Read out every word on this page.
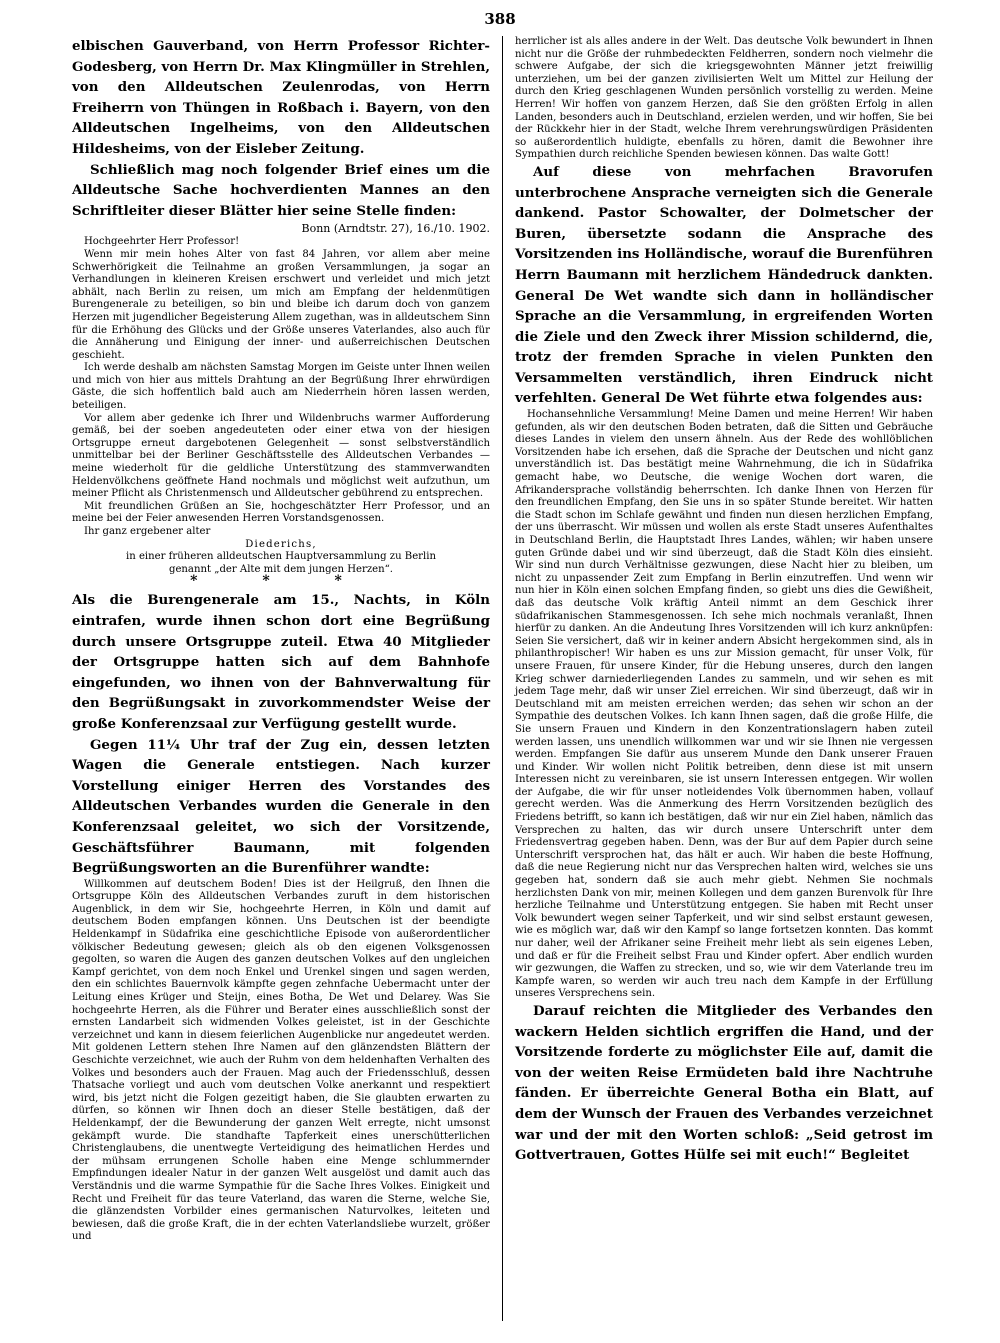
388

elbischen Gauverband, von Herrn Professor Richter-Godesberg, von Herrn Dr. Max Klingmüller in Strehlen, von den Alldeutschen Zeulenrodas, von Herrn Freiherrn von Thüngen in Roßbach i. Bayern, von den Alldeutschen Ingelheims, von den Alldeutschen Hildesheims, von der Eisleber Zeitung.

Schließlich mag noch folgender Brief eines um die Alldeutsche Sache hochverdienten Mannes an den Schriftleiter dieser Blätter hier seine Stelle finden:

Bonn (Arndtstr. 27), 16./10. 1902.

Hochgeehrter Herr Professor!

Wenn mir mein hohes Alter von fast 84 Jahren, vor allem aber meine Schwerhörigkeit die Teilnahme an großen Versammlungen, ja sogar an Verhandlungen in kleineren Kreisen erschwert und verleidet und mich jetzt abhält, nach Berlin zu reisen, um mich am Empfang der heldenmütigen Burengenerale zu beteiligen, so bin und bleibe ich darum doch von ganzem Herzen mit jugendlicher Begeisterung Allem zugethan, was in alldeutschem Sinn für die Erhöhung des Glücks und der Größe unseres Vaterlandes, also auch für die Annäherung und Einigung der inner- und außerreichischen Deutschen geschieht.

Ich werde deshalb am nächsten Samstag Morgen im Geiste unter Ihnen weilen und mich von hier aus mittels Drahtung an der Begrüßung Ihrer ehrwürdigen Gäste, die sich hoffentlich bald auch am Niederrhein hören lassen werden, beteiligen.

Vor allem aber gedenke ich Ihrer und Wildenbruchs warmer Aufforderung gemäß, bei der soeben angedeuteten oder einer etwa von der hiesigen Ortsgruppe erneut dargebotenen Gelegenheit — sonst selbstverständlich unmittelbar bei der Berliner Geschäftsstelle des Alldeutschen Verbandes — meine wiederholt für die geldliche Unterstützung des stammverwandten Heldenvölkchens geöffnete Hand nochmals und möglichst weit aufzuthun, um meiner Pflicht als Christenmensch und Alldeutscher gebührend zu entsprechen.

Mit freundlichen Grüßen an Sie, hochgeschätzter Herr Professor, und an meine bei der Feier anwesenden Herren Vorstandsgenossen.

Ihr ganz ergebener alter

Diederichs,

in einer früheren alldeutschen Hauptversammlung zu Berlin

genannt „der Alte mit dem jungen Herzen“.

* * *

Als die Burengenerale am 15., Nachts, in Köln eintrafen, wurde ihnen schon dort eine Begrüßung durch unsere Ortsgruppe zuteil. Etwa 40 Mitglieder der Ortsgruppe hatten sich auf dem Bahnhofe eingefunden, wo ihnen von der Bahnverwaltung für den Begrüßungsakt in zuvorkommendster Weise der große Konferenzsaal zur Verfügung gestellt wurde.

Gegen 11¼ Uhr traf der Zug ein, dessen letzten Wagen die Generale entstiegen. Nach kurzer Vorstellung einiger Herren des Vorstandes des Alldeutschen Verbandes wurden die Generale in den Konferenzsaal geleitet, wo sich der Vorsitzende, Geschäftsführer Baumann, mit folgenden Begrüßungsworten an die Burenführer wandte:

Willkommen auf deutschem Boden! Dies ist der Heilgruß, den Ihnen die Ortsgruppe Köln des Alldeutschen Verbandes zuruft in dem historischen Augenblick, in dem wir Sie, hochgeehrte Herren, in Köln und damit auf deutschem Boden empfangen können. Uns Deutschen ist der beendigte Heldenkampf in Südafrika eine geschichtliche Episode von außerordentlicher völkischer Bedeutung gewesen; gleich als ob den eigenen Volksgenossen gegolten, so waren die Augen des ganzen deutschen Volkes auf den ungleichen Kampf gerichtet, von dem noch Enkel und Urenkel singen und sagen werden, den ein schlichtes Bauernvolk kämpfte gegen zehnfache Uebermacht unter der Leitung eines Krüger und Steijn, eines Botha, De Wet und Delarey. Was Sie hochgeehrte Herren, als die Führer und Berater eines ausschließlich sonst der ernsten Landarbeit sich widmenden Volkes geleistet, ist in der Geschichte verzeichnet und kann in diesem feierlichen Augenblicke nur angedeutet werden. Mit goldenen Lettern stehen Ihre Namen auf den glänzendsten Blättern der Geschichte verzeichnet, wie auch der Ruhm von dem heldenhaften Verhalten des Volkes und besonders auch der Frauen. Mag auch der Friedensschluß, dessen Thatsache vorliegt und auch vom deutschen Volke anerkannt und respektiert wird, bis jetzt nicht die Folgen gezeitigt haben, die Sie glaubten erwarten zu dürfen, so können wir Ihnen doch an dieser Stelle bestätigen, daß der Heldenkampf, der die Bewunderung der ganzen Welt erregte, nicht umsonst gekämpft wurde. Die standhafte Tapferkeit eines unerschütterlichen Christenglaubens, die unentwegte Verteidigung des heimatlichen Herdes und der mühsam errungenen Scholle haben eine Menge schlummernder Empfindungen idealer Natur in der ganzen Welt ausgelöst und damit auch das Verständnis und die warme Sympathie für die Sache Ihres Volkes. Einigkeit und Recht und Freiheit für das teure Vaterland, das waren die Sterne, welche Sie, die glänzendsten Vorbilder eines germanischen Naturvolkes, leiteten und bewiesen, daß die große Kraft, die in der echten Vaterlandsliebe wurzelt, größer und

herrlicher ist als alles andere in der Welt. Das deutsche Volk bewundert in Ihnen nicht nur die Größe der ruhmbedeckten Feldherren, sondern noch vielmehr die schwere Aufgabe, der sich die kriegsgewohnten Männer jetzt freiwillig unterziehen, um bei der ganzen zivilisierten Welt um Mittel zur Heilung der durch den Krieg geschlagenen Wunden persönlich vorstellig zu werden. Meine Herren! Wir hoffen von ganzem Herzen, daß Sie den größten Erfolg in allen Landen, besonders auch in Deutschland, erzielen werden, und wir hoffen, Sie bei der Rückkehr hier in der Stadt, welche Ihrem verehrungswürdigen Präsidenten so außerordentlich huldigte, ebenfalls zu hören, damit die Bewohner ihre Sympathien durch reichliche Spenden bewiesen können. Das walte Gott!

Auf diese von mehrfachen Bravorufen unterbrochene Ansprache verneigten sich die Generale dankend. Pastor Schowalter, der Dolmetscher der Buren, übersetzte sodann die Ansprache des Vorsitzenden ins Holländische, worauf die Burenführen Herrn Baumann mit herzlichem Händedruck dankten. General De Wet wandte sich dann in holländischer Sprache an die Versammlung, in ergreifenden Worten die Ziele und den Zweck ihrer Mission schildernd, die, trotz der fremden Sprache in vielen Punkten den Versammelten verständlich, ihren Eindruck nicht verfehlten. General De Wet führte etwa folgendes aus:

Hochansehnliche Versammlung! Meine Damen und meine Herren! Wir haben gefunden, als wir den deutschen Boden betraten, daß die Sitten und Gebräuche dieses Landes in vielem den unsern ähneln. Aus der Rede des wohllöblichen Vorsitzenden habe ich ersehen, daß die Sprache der Deutschen und nicht ganz unverständlich ist. Das bestätigt meine Wahrnehmung, die ich in Südafrika gemacht habe, wo Deutsche, die wenige Wochen dort waren, die Afrikandersprache vollständig beherrschten. Ich danke Ihnen von Herzen für den freundlichen Empfang, den Sie uns in so später Stunde bereitet. Wir hatten die Stadt schon im Schlafe gewähnt und finden nun diesen herzlichen Empfang, der uns überrascht. Wir müssen und wollen als erste Stadt unseres Aufenthaltes in Deutschland Berlin, die Hauptstadt Ihres Landes, wählen; wir haben unsere guten Gründe dabei und wir sind überzeugt, daß die Stadt Köln dies einsieht. Wir sind nun durch Verhältnisse gezwungen, diese Nacht hier zu bleiben, um nicht zu unpassender Zeit zum Empfang in Berlin einzutreffen. Und wenn wir nun hier in Köln einen solchen Empfang finden, so giebt uns dies die Gewißheit, daß das deutsche Volk kräftig Anteil nimmt an dem Geschick ihrer südafrikanischen Stammesgenossen. Ich sehe mich nochmals veranlaßt, Ihnen hierfür zu danken. An die Andeutung Ihres Vorsitzenden will ich kurz anknüpfen: Seien Sie versichert, daß wir in keiner andern Absicht hergekommen sind, als in philanthropischer! Wir haben es uns zur Mission gemacht, für unser Volk, für unsere Frauen, für unsere Kinder, für die Hebung unseres, durch den langen Krieg schwer darniederliegenden Landes zu sammeln, und wir sehen es mit jedem Tage mehr, daß wir unser Ziel erreichen. Wir sind überzeugt, daß wir in Deutschland mit am meisten erreichen werden; das sehen wir schon an der Sympathie des deutschen Volkes. Ich kann Ihnen sagen, daß die große Hilfe, die Sie unsern Frauen und Kindern in den Konzentrationslagern haben zuteil werden lassen, uns unendlich willkommen war und wir sie Ihnen nie vergessen werden. Empfangen Sie dafür aus unserem Munde den Dank unserer Frauen und Kinder. Wir wollen nicht Politik betreiben, denn diese ist mit unsern Interessen nicht zu vereinbaren, sie ist unsern Interessen entgegen. Wir wollen der Aufgabe, die wir für unser notleidendes Volk übernommen haben, vollauf gerecht werden. Was die Anmerkung des Herrn Vorsitzenden bezüglich des Friedens betrifft, so kann ich bestätigen, daß wir nur ein Ziel haben, nämlich das Versprechen zu halten, das wir durch unsere Unterschrift unter dem Friedensvertrag gegeben haben. Denn, was der Bur auf dem Papier durch seine Unterschrift versprochen hat, das hält er auch. Wir haben die beste Hoffnung, daß die neue Regierung nicht nur das Versprechen halten wird, welches sie uns gegeben hat, sondern daß sie auch mehr giebt. Nehmen Sie nochmals herzlichsten Dank von mir, meinen Kollegen und dem ganzen Burenvolk für Ihre herzliche Teilnahme und Unterstützung entgegen. Sie haben mit Recht unser Volk bewundert wegen seiner Tapferkeit, und wir sind selbst erstaunt gewesen, wie es möglich war, daß wir den Kampf so lange fortsetzen konnten. Das kommt nur daher, weil der Afrikaner seine Freiheit mehr liebt als sein eigenes Leben, und daß er für die Freiheit selbst Frau und Kinder opfert. Aber endlich wurden wir gezwungen, die Waffen zu strecken, und so, wie wir dem Vaterlande treu im Kampfe waren, so werden wir auch treu nach dem Kampfe in der Erfüllung unseres Versprechens sein.

Darauf reichten die Mitglieder des Verbandes den wackern Helden sichtlich ergriffen die Hand, und der Vorsitzende forderte zu möglichster Eile auf, damit die von der weiten Reise Ermüdeten bald ihre Nachtruhe fänden. Er überreichte General Botha ein Blatt, auf dem der Wunsch der Frauen des Verbandes verzeichnet war und der mit den Worten schloß: „Seid getrost im Gottvertrauen, Gottes Hülfe sei mit euch!“ Begleitet
